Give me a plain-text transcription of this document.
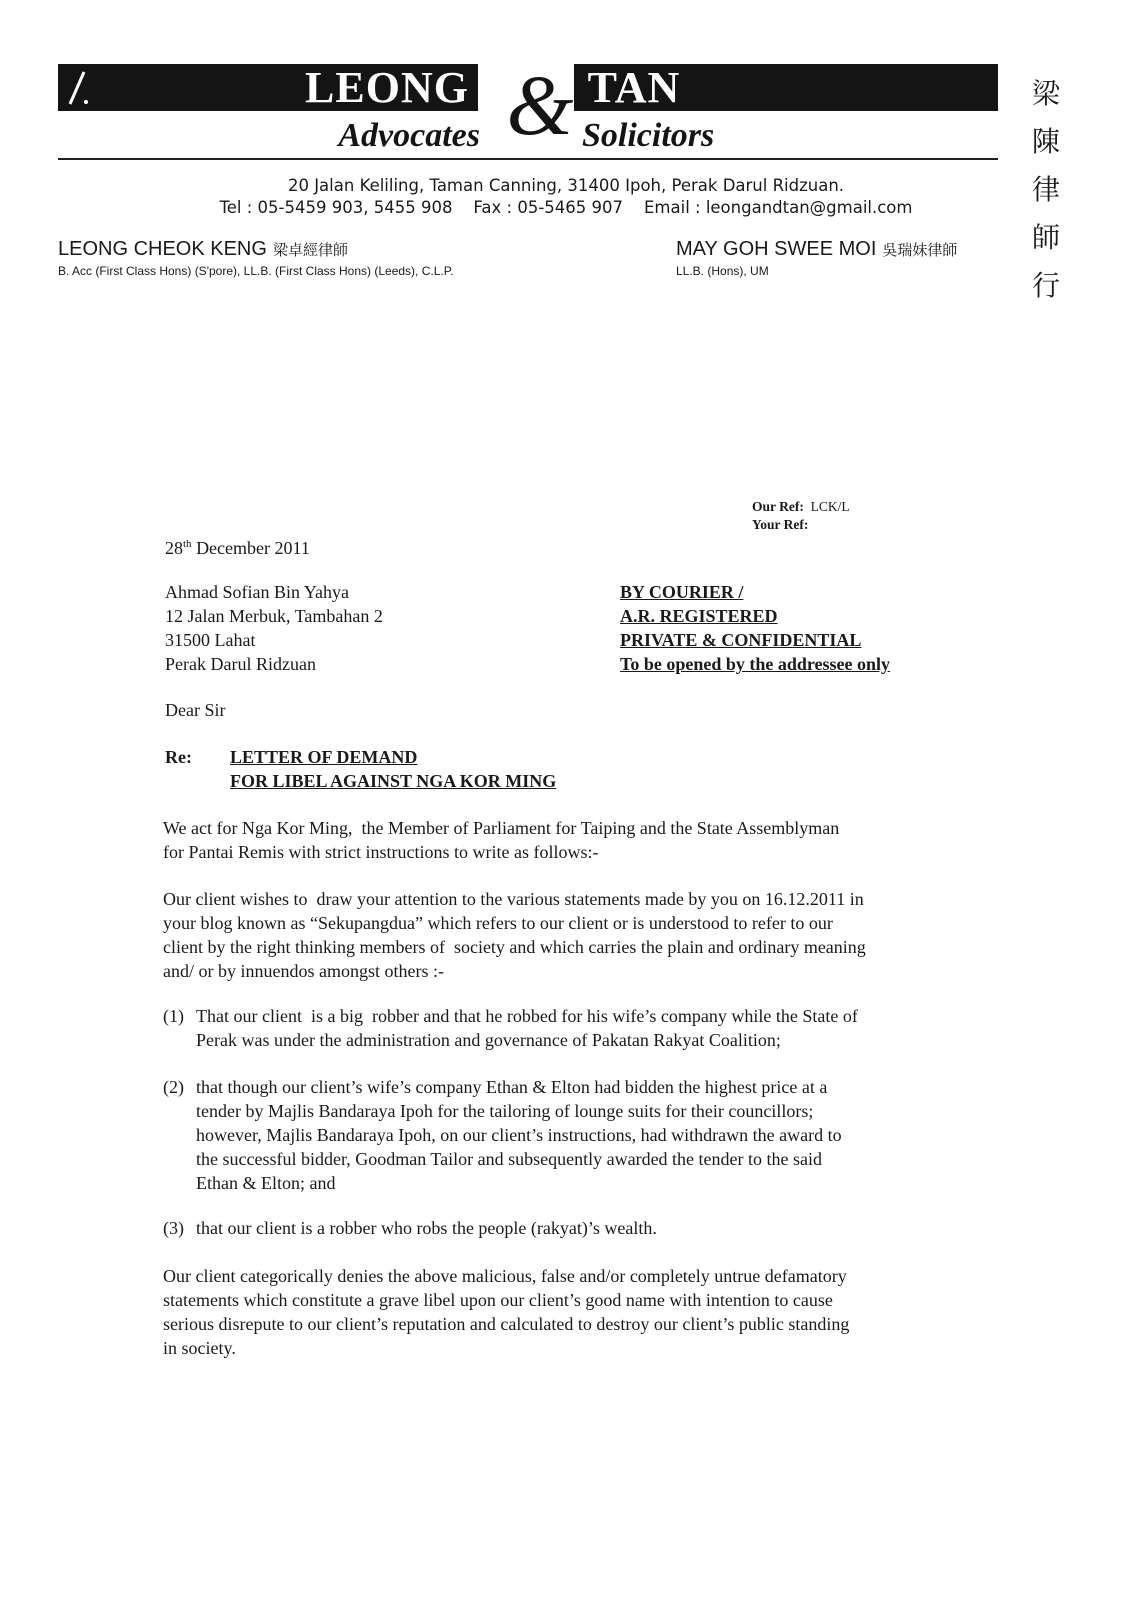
LEONG & TAN
Advocates	Solicitors
20 Jalan Keliling, Taman Canning, 31400 Ipoh, Perak Darul Ridzuan.
Tel : 05-5459 903, 5455 908    Fax : 05-5465 907    Email : leongandtan@gmail.com
梁
陳
律
師
行
LEONG CHEOK KENG 梁卓經律師
B. Acc (First Class Hons) (S'pore), LL.B. (First Class Hons) (Leeds), C.L.P.
MAY GOH SWEE MOI 吳瑞妹律師
LL.B. (Hons), UM
Our Ref: LCK/L
Your Ref:
28th December 2011
Ahmad Sofian Bin Yahya
12 Jalan Merbuk, Tambahan 2
31500 Lahat
Perak Darul Ridzuan
BY COURIER /
A.R. REGISTERED
PRIVATE & CONFIDENTIAL
To be opened by the addressee only
Dear Sir
Re: LETTER OF DEMAND
FOR LIBEL AGAINST NGA KOR MING
We act for Nga Kor Ming,  the Member of Parliament for Taiping and the State Assemblyman
for Pantai Remis with strict instructions to write as follows:-
Our client wishes to  draw your attention to the various statements made by you on 16.12.2011 in
your blog known as “Sekupangdua” which refers to our client or is understood to refer to our
client by the right thinking members of  society and which carries the plain and ordinary meaning
and/ or by innuendos amongst others :-
(1) That our client  is a big  robber and that he robbed for his wife’s company while the State of
Perak was under the administration and governance of Pakatan Rakyat Coalition;
(2) that though our client’s wife’s company Ethan & Elton had bidden the highest price at a
tender by Majlis Bandaraya Ipoh for the tailoring of lounge suits for their councillors;
however, Majlis Bandaraya Ipoh, on our client’s instructions, had withdrawn the award to
the successful bidder, Goodman Tailor and subsequently awarded the tender to the said
Ethan & Elton; and
(3) that our client is a robber who robs the people (rakyat)’s wealth.
Our client categorically denies the above malicious, false and/or completely untrue defamatory
statements which constitute a grave libel upon our client’s good name with intention to cause
serious disrepute to our client’s reputation and calculated to destroy our client’s public standing
in society.
